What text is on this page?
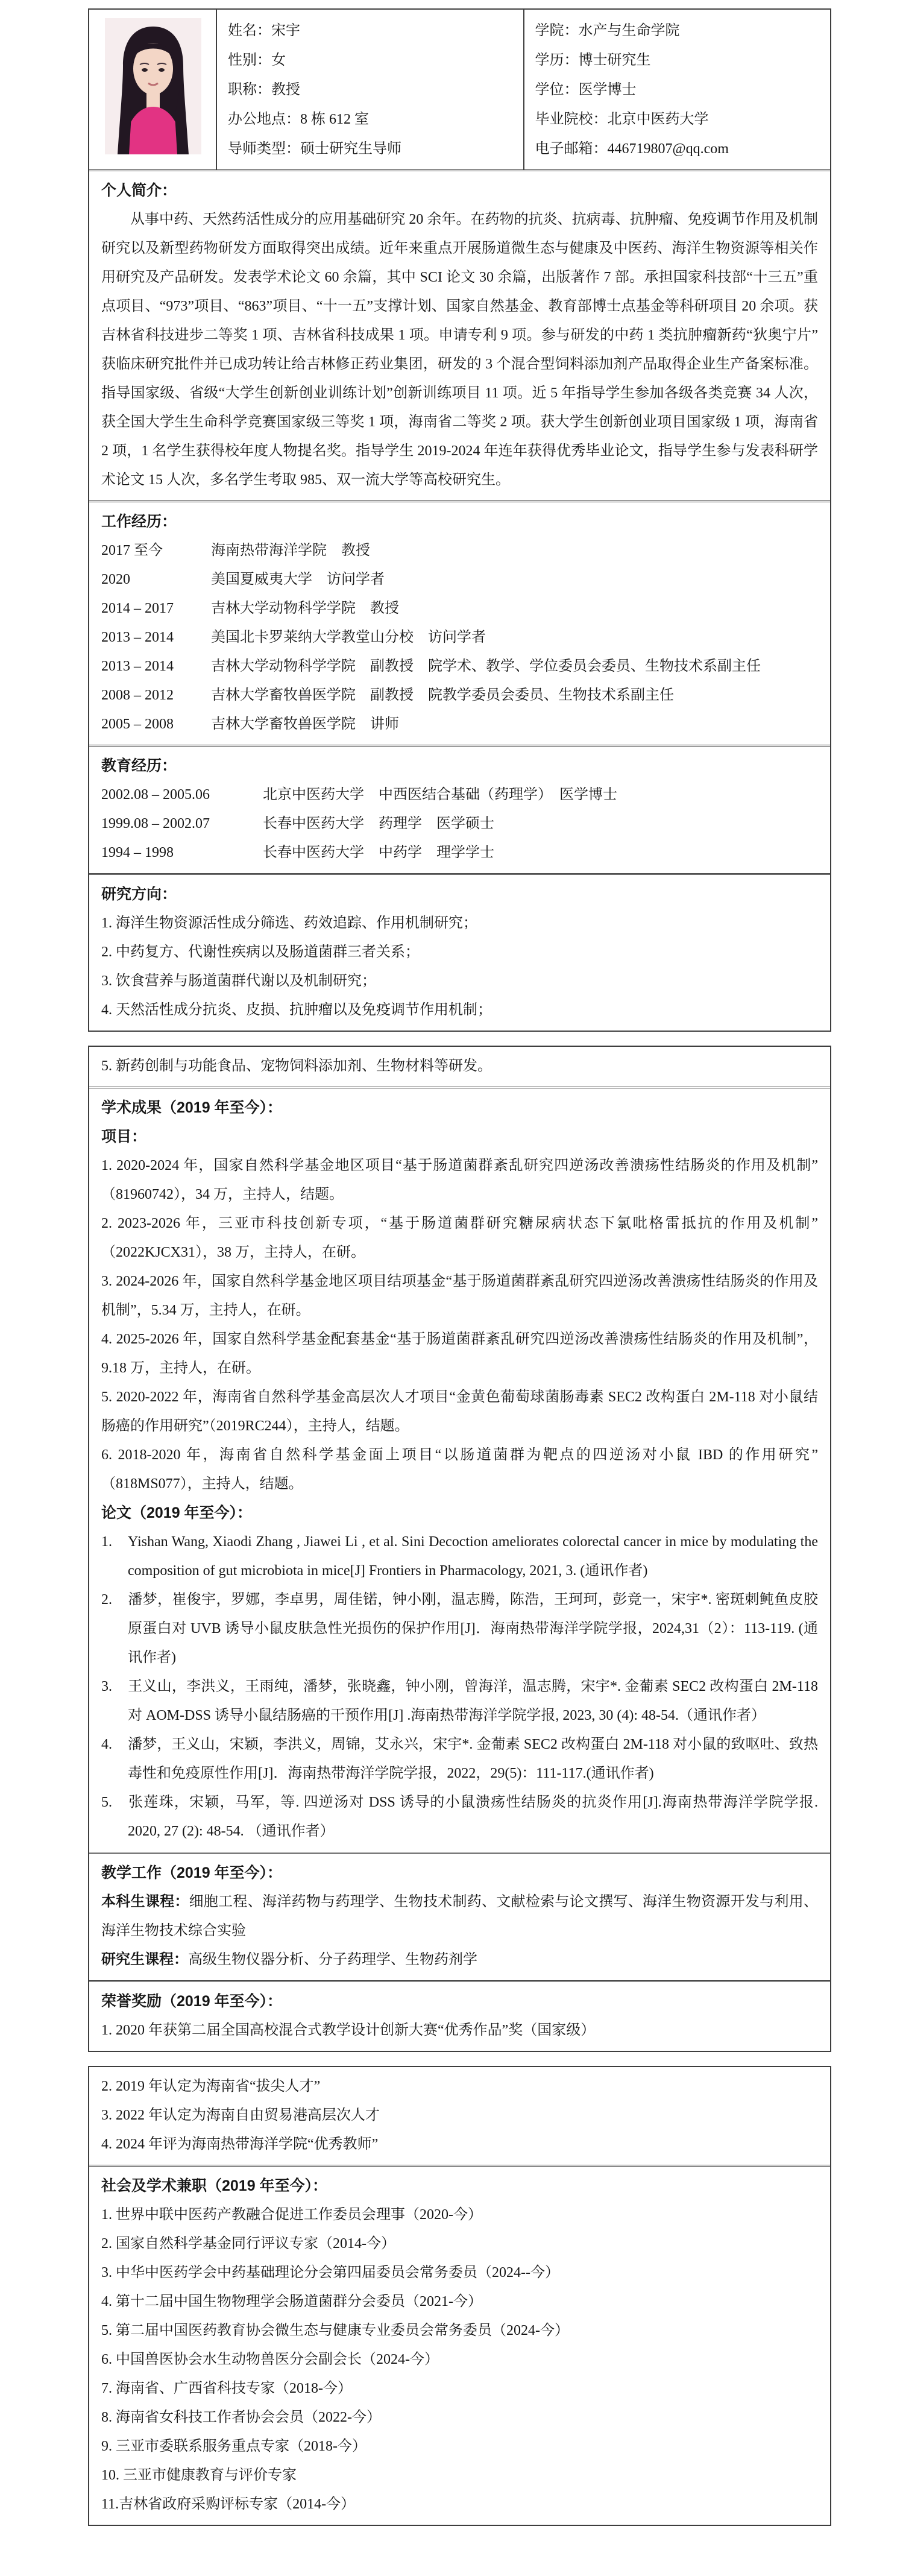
姓名：宋宇
性别：女
职称：教授
办公地点：8 栋 612 室
导师类型：硕士研究生导师
学院：水产与生命学院
学历：博士研究生
学位：医学博士
毕业院校：北京中医药大学
电子邮箱：446719807@qq.com
个人简介：

从事中药、天然药活性成分的应用基础研究 20 余年。在药物的抗炎、抗病毒、抗肿瘤、免疫调节作用及机制研究以及新型药物研发方面取得突出成绩。近年来重点开展肠道微生态与健康及中医药、海洋生物资源等相关作用研究及产品研发。发表学术论文 60 余篇，其中 SCI 论文 30 余篇，出版著作 7 部。承担国家科技部“十三五”重点项目、“973”项目、“863”项目、“十一五”支撑计划、国家自然基金、教育部博士点基金等科研项目 20 余项。获吉林省科技进步二等奖 1 项、吉林省科技成果 1 项。申请专利 9 项。参与研发的中药 1 类抗肿瘤新药“狄奥宁片”获临床研究批件并已成功转让给吉林修正药业集团，研发的 3 个混合型饲料添加剂产品取得企业生产备案标准。指导国家级、省级“大学生创新创业训练计划”创新训练项目 11 项。近 5 年指导学生参加各级各类竞赛 34 人次，获全国大学生生命科学竞赛国家级三等奖 1 项，海南省二等奖 2 项。获大学生创新创业项目国家级 1 项，海南省 2 项，1 名学生获得校年度人物提名奖。指导学生 2019-2024 年连年获得优秀毕业论文，指导学生参与发表科研学术论文 15 人次，多名学生考取 985、双一流大学等高校研究生。

工作经历：
2017 至今	海南热带海洋学院　教授
2020	美国夏威夷大学　访问学者
2014 – 2017	吉林大学动物科学学院　教授
2013 – 2014	美国北卡罗莱纳大学教堂山分校　访问学者
2013 – 2014	吉林大学动物科学学院　副教授　院学术、教学、学位委员会委员、生物技术系副主任
2008 – 2012	吉林大学畜牧兽医学院　副教授　院教学委员会委员、生物技术系副主任
2005 – 2008	吉林大学畜牧兽医学院　讲师
教育经历：
2002.08 – 2005.06	北京中医药大学　中西医结合基础（药理学）　医学博士
1999.08 – 2002.07	长春中医药大学　药理学　医学硕士
1994 – 1998	长春中医药大学　中药学　理学学士
研究方向：
1. 海洋生物资源活性成分筛选、药效追踪、作用机制研究；
2. 中药复方、代谢性疾病以及肠道菌群三者关系；
3. 饮食营养与肠道菌群代谢以及机制研究；
4. 天然活性成分抗炎、皮损、抗肿瘤以及免疫调节作用机制；
5. 新药创制与功能食品、宠物饲料添加剂、生物材料等研发。
学术成果（2019 年至今）：
项目：

1. 2020-2024 年，国家自然科学基金地区项目“基于肠道菌群紊乱研究四逆汤改善溃疡性结肠炎的作用及机制”（81960742），34 万，主持人，结题。

2. 2023-2026 年，三亚市科技创新专项，“基于肠道菌群研究糖尿病状态下氯吡格雷抵抗的作用及机制”（2022KJCX31），38 万，主持人，在研。

3. 2024-2026 年，国家自然科学基金地区项目结项基金“基于肠道菌群紊乱研究四逆汤改善溃疡性结肠炎的作用及机制”，5.34 万，主持人，在研。

4. 2025-2026 年，国家自然科学基金配套基金“基于肠道菌群紊乱研究四逆汤改善溃疡性结肠炎的作用及机制”，9.18 万，主持人，在研。

5. 2020-2022 年，海南省自然科学基金高层次人才项目“金黄色葡萄球菌肠毒素 SEC2 改构蛋白 2M-118 对小鼠结肠癌的作用研究”（2019RC244），主持人，结题。

6. 2018-2020 年，海南省自然科学基金面上项目“以肠道菌群为靶点的四逆汤对小鼠 IBD 的作用研究”（818MS077），主持人，结题。

论文（2019 年至今）：

1. Yishan Wang, Xiaodi Zhang , Jiawei Li , et al. Sini Decoction ameliorates colorectal cancer in mice by modulating the composition of gut microbiota in mice[J] Frontiers in Pharmacology, 2021, 3. (通讯作者)

2. 潘梦，崔俊宇，罗娜，李卓男，周佳锘，钟小刚，温志腾，陈浩，王珂珂，彭竞一，宋宇*. 密斑刺鲀鱼皮胶原蛋白对 UVB 诱导小鼠皮肤急性光损伤的保护作用[J]．海南热带海洋学院学报，2024,31（2）：113-119. (通讯作者)

3. 王义山，李洪义，王雨纯，潘梦，张晓鑫，钟小刚，曾海洋，温志腾，宋宇*. 金葡素 SEC2 改构蛋白 2M-118 对 AOM-DSS 诱导小鼠结肠癌的干预作用[J] .海南热带海洋学院学报, 2023, 30 (4): 48-54.（通讯作者）

4. 潘梦，王义山，宋颖，李洪义，周锦，艾永兴，宋宇*. 金葡素 SEC2 改构蛋白 2M-118 对小鼠的致呕吐、致热毒性和免疫原性作用[J]．海南热带海洋学院学报，2022，29(5)：111-117.(通讯作者)

5. 张莲珠，宋颖，马军，等. 四逆汤对 DSS 诱导的小鼠溃疡性结肠炎的抗炎作用[J].海南热带海洋学院学报. 2020, 27 (2): 48-54. （通讯作者）

教学工作（2019 年至今）：

本科生课程：细胞工程、海洋药物与药理学、生物技术制药、文献检索与论文撰写、海洋生物资源开发与利用、海洋生物技术综合实验

研究生课程：高级生物仪器分析、分子药理学、生物药剂学

荣誉奖励（2019 年至今）：
1. 2020 年获第二届全国高校混合式教学设计创新大赛“优秀作品”奖（国家级）
2. 2019 年认定为海南省“拔尖人才”
3. 2022 年认定为海南自由贸易港高层次人才
4. 2024 年评为海南热带海洋学院“优秀教师”
社会及学术兼职（2019 年至今）：
1. 世界中联中医药产教融合促进工作委员会理事（2020-今）
2. 国家自然科学基金同行评议专家（2014-今）
3. 中华中医药学会中药基础理论分会第四届委员会常务委员（2024--今）
4. 第十二届中国生物物理学会肠道菌群分会委员（2021-今）
5. 第二届中国医药教育协会微生态与健康专业委员会常务委员（2024-今）
6. 中国兽医协会水生动物兽医分会副会长（2024-今）
7. 海南省、广西省科技专家（2018-今）
8. 海南省女科技工作者协会会员（2022-今）
9. 三亚市委联系服务重点专家（2018-今）
10. 三亚市健康教育与评价专家
11.吉林省政府采购评标专家（2014-今）
